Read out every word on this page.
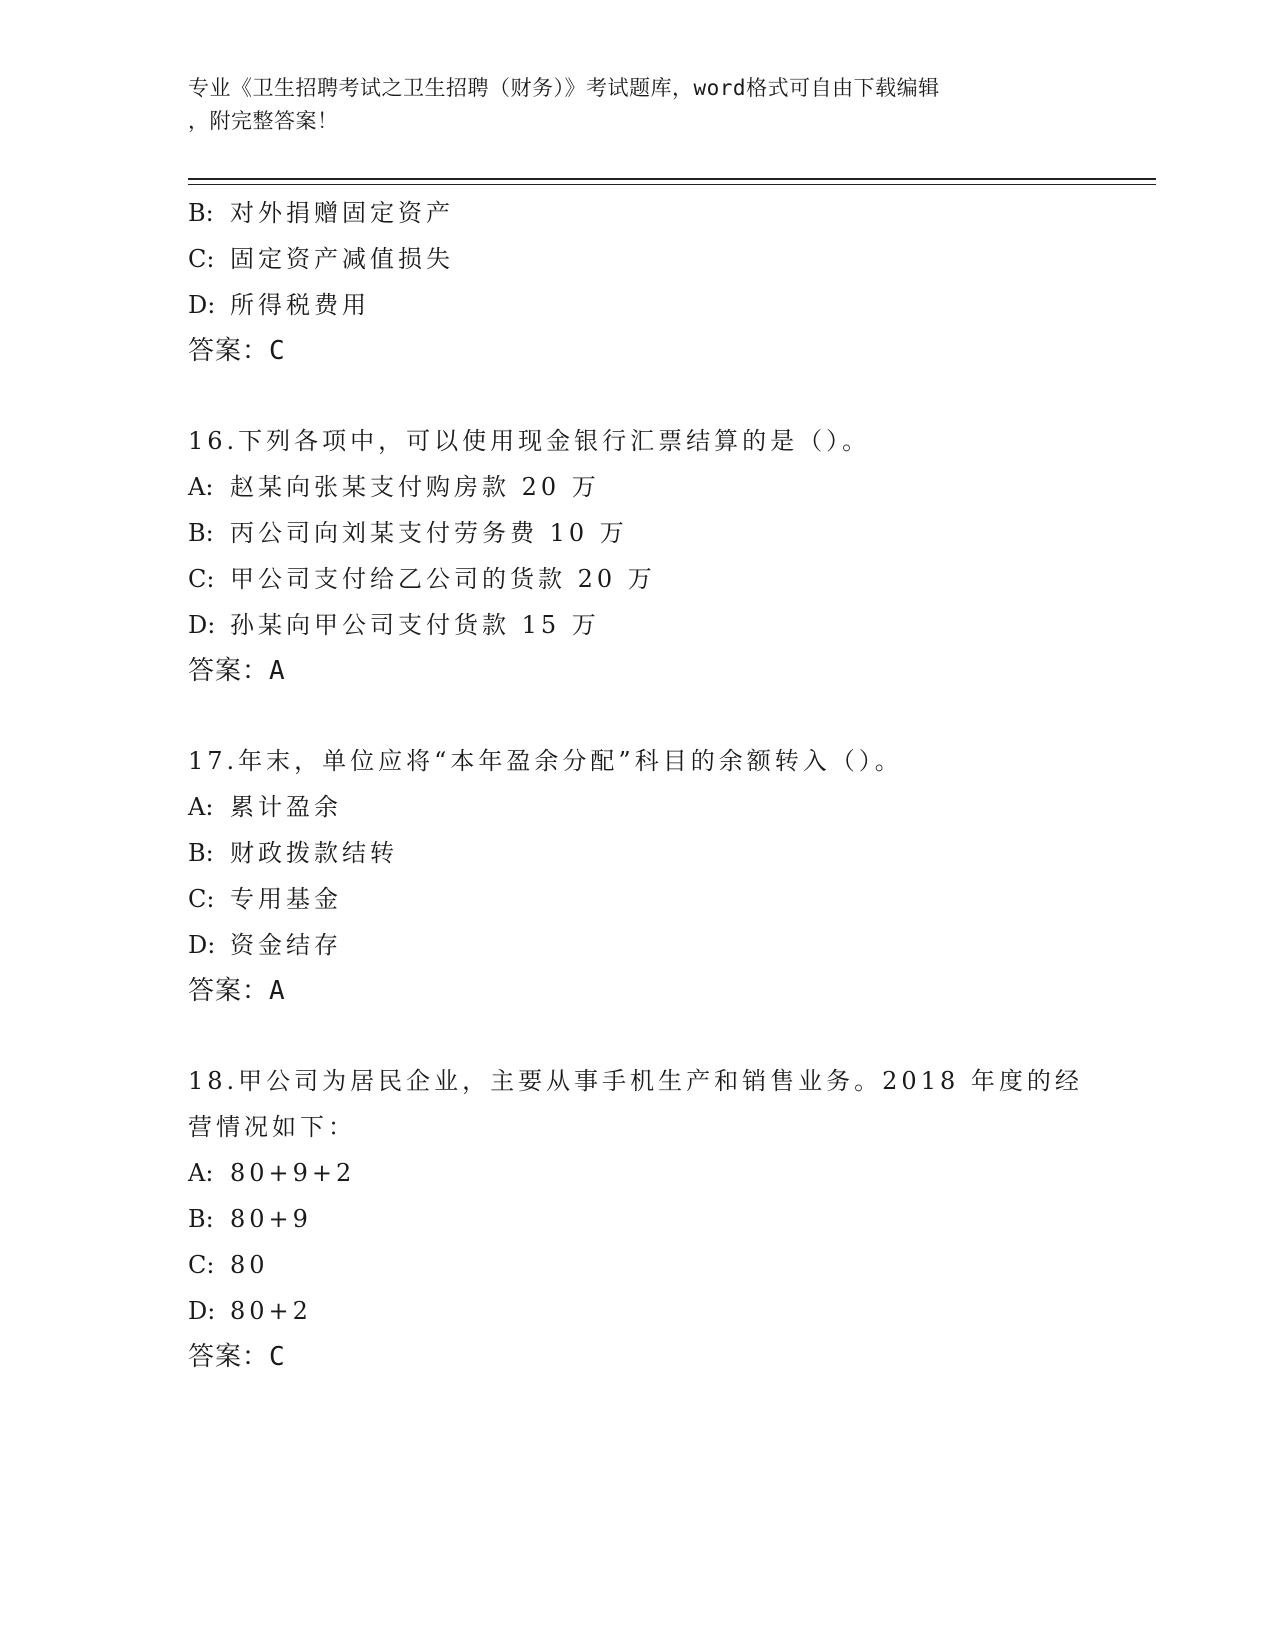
专业《卫生招聘考试之卫生招聘（财务）》考试题库，word格式可自由下载编辑
，附完整答案！
B: 对外捐赠固定资产
C: 固定资产减值损失
D: 所得税费用
答案：C
16.下列各项中，可以使用现金银行汇票结算的是（）。
A: 赵某向张某支付购房款 20 万
B: 丙公司向刘某支付劳务费 10 万
C: 甲公司支付给乙公司的货款 20 万
D: 孙某向甲公司支付货款 15 万
答案：A
17.年末，单位应将“本年盈余分配”科目的余额转入（）。
A: 累计盈余
B: 财政拨款结转
C: 专用基金
D: 资金结存
答案：A
18.甲公司为居民企业，主要从事手机生产和销售业务。2018 年度的经营情况如下：
A: 80+9+2
B: 80+9
C: 80
D: 80+2
答案：C
